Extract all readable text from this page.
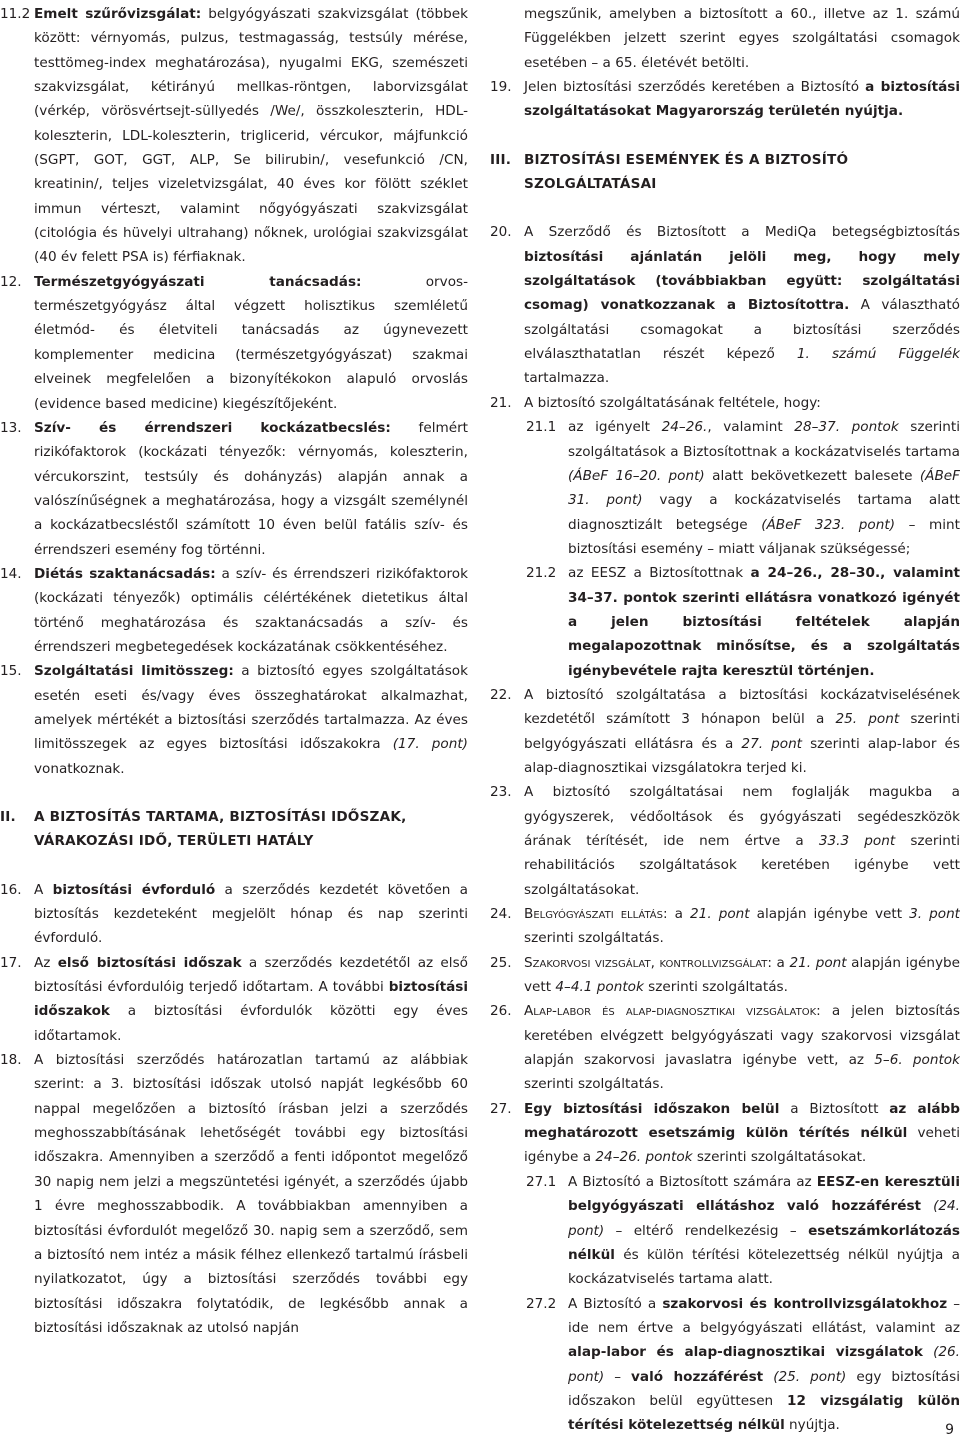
11.2 Emelt szűrővizsgálat: belgyógyászati szakvizsgálat (többek között: vérnyomás, pulzus, testmagasság, testsúly mérése, testtömeg-index meghatározása), nyugalmi EKG, szemészeti szakvizsgálat, kétirányú mellkas-röntgen, laborvizsgálat (vérkép, vörösvértsejt-süllyedés /We/, összkoleszterin, HDL-koleszterin, LDL-koleszterin, triglicerid, vércukor, májfunkció (SGPT, GOT, GGT, ALP, Se bilirubin/, vesefunkció /CN, kreatinin/, teljes vizeletvizsgálat, 40 éves kor fölött széklet immun vérteszt, valamint nőgyógyászati szakvizsgálat (citológia és hüvelyi ultrahang) nőknek, urológiai szakvizsgálat (40 év felett PSA is) férfiaknak.
12. Természetgyógyászati tanácsadás: orvos-természetgyógyász által végzett holisztikus szemléletű életmód- és életviteli tanácsadás az úgynevezett komplementer medicina (természetgyógyászat) szakmai elveinek megfelelően a bizonyítékokon alapuló orvoslás (evidence based medicine) kiegészítőjeként.
13. Szív- és érrendszeri kockázatbecslés: felmért rizikófaktorok (kockázati tényezők: vérnyomás, koleszterin, vércukorszint, testsúly és dohányzás) alapján annak a valószínűségnek a meghatározása, hogy a vizsgált személynél a kockázatbecsléstől számított 10 éven belül fatális szív- és érrendszeri esemény fog történni.
14. Diétás szaktanácsadás: a szív- és érrendszeri rizikófaktorok (kockázati tényezők) optimális célértékének dietetikus által történő meghatározása és szaktanácsadás a szív- és érrendszeri megbetegedések kockázatának csökkentéséhez.
15. Szolgáltatási limitösszeg: a biztosító egyes szolgáltatások esetén eseti és/vagy éves összeghatárokat alkalmazhat, amelyek mértékét a biztosítási szerződés tartalmazza. Az éves limitösszegek az egyes biztosítási időszakokra (17. pont) vonatkoznak.
II.	A BIZTOSÍTÁS TARTAMA, BIZTOSÍTÁSI IDŐSZAK,
VÁRAKOZÁSI IDŐ, TERÜLETI HATÁLY
16. A biztosítási évforduló a szerződés kezdetét követően a biztosítás kezdeteként megjelölt hónap és nap szerinti évforduló.
17. Az első biztosítási időszak a szerződés kezdetétől az első biztosítási évfordulóig terjedő időtartam. A további biztosítási időszakok a biztosítási évfordulók közötti egy éves időtartamok.
18. A biztosítási szerződés határozatlan tartamú az alábbiak szerint: a 3. biztosítási időszak utolsó napját legkésőbb 60 nappal megelőzően a biztosító írásban jelzi a szerződés meghosszabbításának lehetőségét további egy biztosítási időszakra. Amennyiben a szerződő a fenti időpontot megelőző 30 napig nem jelzi a megszüntetési igényét, a szerződés újabb 1 évre meghosszabbodik. A továbbiakban amennyiben a biztosítási évfordulót megelőző 30. napig sem a szerződő, sem a biztosító nem intéz a másik félhez ellenkező tartalmú írásbeli nyilatkozatot, úgy a biztosítási szerződés további egy biztosítási időszakra folytatódik, de legkésőbb annak a biztosítási időszaknak az utolsó napján
megszűnik, amelyben a biztosított a 60., illetve az 1. számú Függelékben jelzett szerint egyes szolgáltatási csomagok esetében – a 65. életévét betölti.
19. Jelen biztosítási szerződés keretében a Biztosító a biztosítási szolgáltatásokat Magyarország területén nyújtja.
III. BIZTOSÍTÁSI ESEMÉNYEK ÉS A BIZTOSÍTÓ
SZOLGÁLTATÁSAI
20. A Szerződő és Biztosított a MediQa betegségbiztosítás biztosítási ajánlatán jelöli meg, hogy mely szolgáltatások (továbbiakban együtt: szolgáltatási csomag) vonatkozzanak a Biztosítottra. A választható szolgáltatási csomagokat a biztosítási szerződés elválaszthatatlan részét képező 1. számú Függelék tartalmazza.
21. A biztosító szolgáltatásának feltétele, hogy:
21.1 az igényelt 24–26., valamint 28–37. pontok szerinti szolgáltatások a Biztosítottnak a kockázatviselés tartama (ÁBeF 16–20. pont) alatt bekövetkezett balesete (ÁBeF 31. pont) vagy a kockázatviselés tartama alatt diagnosztizált betegsége (ÁBeF 323. pont) – mint biztosítási esemény – miatt váljanak szükségessé;
21.2 az EESZ a Biztosítottnak a 24–26., 28–30., valamint 34–37. pontok szerinti ellátásra vonatkozó igényét a jelen biztosítási feltételek alapján megalapozottnak minősítse, és a szolgáltatás igénybevétele rajta keresztül történjen.
22. A biztosító szolgáltatása a biztosítási kockázatviselésének kezdetétől számított 3 hónapon belül a 25. pont szerinti belgyógyászati ellátásra és a 27. pont szerinti alap-labor és alap-diagnosztikai vizsgálatokra terjed ki.
23. A biztosító szolgáltatásai nem foglalják magukba a gyógyszerek, védőoltások és gyógyászati segédeszközök árának térítését, ide nem értve a 33.3 pont szerinti rehabilitációs szolgáltatások keretében igénybe vett szolgáltatásokat.
24. Belgyógyászati ellátás: a 21. pont alapján igénybe vett 3. pont szerinti szolgáltatás.
25. Szakorvosi vizsgálat, kontrollvizsgálat: a 21. pont alapján igénybe vett 4–4.1 pontok szerinti szolgáltatás.
26. Alap-labor és alap-diagnosztikai vizsgálatok: a jelen biztosítás keretében elvégzett belgyógyászati vagy szakorvosi vizsgálat alapján szakorvosi javaslatra igénybe vett, az 5–6. pontok szerinti szolgáltatás.
27. Egy biztosítási időszakon belül a Biztosított az alább meghatározott esetszámig külön térítés nélkül veheti igénybe a 24–26. pontok szerinti szolgáltatásokat.
27.1 A Biztosító a Biztosított számára az EESZ-en keresztüli belgyógyászati ellátáshoz való hozzáférést (24. pont) – eltérő rendelkezésig – esetszámkorlátozás nélkül és külön térítési kötelezettség nélkül nyújtja a kockázatviselés tartama alatt.
27.2 A Biztosító a szakorvosi és kontrollvizsgálatokhoz – ide nem értve a belgyógyászati ellátást, valamint az alap-labor és alap-diagnosztikai vizsgálatok (26. pont) – való hozzáférést (25. pont) egy biztosítási időszakon belül együttesen 12 vizsgálatig külön térítési kötelezettség nélkül nyújtja.	9
